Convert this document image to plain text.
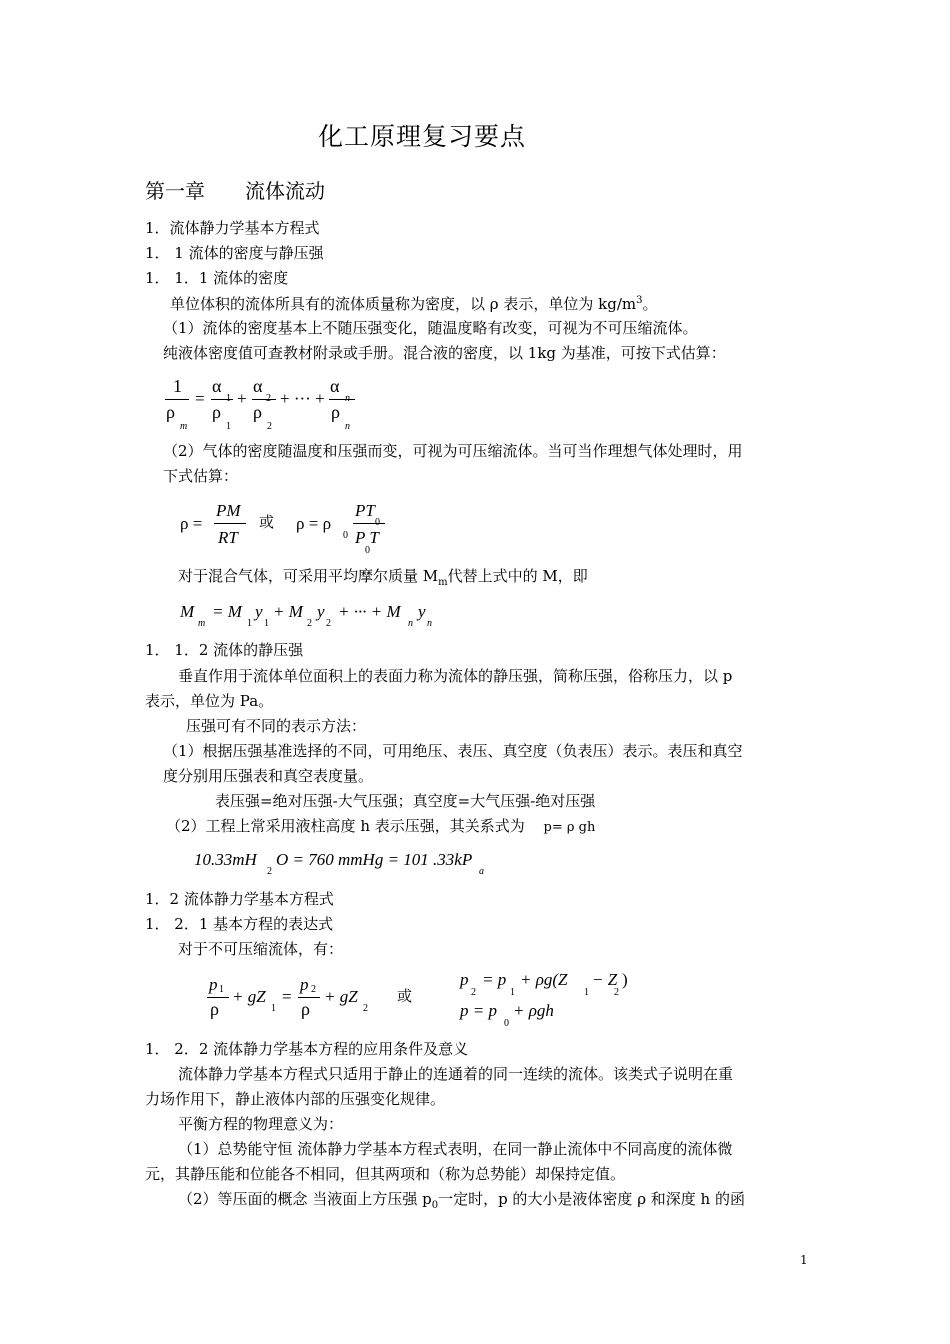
化工原理复习要点
第一章 流体流动
1．流体静力学基本方程式
1． 1 流体的密度与静压强
1． 1．1 流体的密度
单位体积的流体所具有的流体质量称为密度，以 ρ 表示，单位为 $kg/m^3$。
（1）流体的密度基本上不随压强变化，随温度略有改变，可视为不可压缩流体。
纯液体密度值可查教材附录或手册。混合液的密度，以 1kg 为基准，可按下式估算：
1
ρ
m
=
α
1
ρ
1
+
α
2
ρ
2
+ ··· +
α
n
ρ
n
（2）气体的密度随温度和压强而变，可视为可压缩流体。当可当作理想气体处理时，用
下式估算：
ρ =
PM
RT
或 ρ = ρ
0
PT
P T
0
对于混合气体，可采用平均摩尔质量 $M_m$代替上式中的 M，即
M
m
= M
1
y
1
+ M
2
y
2
+ ··· + M
n
y
n
1． 1．2 流体的静压强
垂直作用于流体单位面积上的表面力称为流体的静压强，简称压强，俗称压力，以 p
表示，单位为 Pa。
压强可有不同的表示方法：
（1）根据压强基准选择的不同，可用绝压、表压、真空度（负表压）表示。表压和真空
度分别用压强表和真空表度量。
表压强=绝对压强-大气压强；真空度=大气压强-绝对压强
（2）工程上常采用液柱高度 h 表示压强，其关系式为 p= ρ gh
10.33mH
2
O = 760 mmHg = 101 .33kP
a
1．2 流体静力学基本方程式
1． 2．1 基本方程的表达式
对于不可压缩流体，有：
p 1
ρ
+ gZ
1
=
p 2
ρ
+ gZ
2
或
p
2
= p
1
+ ρg(Z
1
− Z
2
)
p = p
0
+ ρgh
1． 2．2 流体静力学基本方程的应用条件及意义
流体静力学基本方程式只适用于静止的连通着的同一连续的流体。该类式子说明在重
力场作用下，静止液体内部的压强变化规律。
平衡方程的物理意义为：
（1）总势能守恒 流体静力学基本方程式表明，在同一静止流体中不同高度的流体微
元，其静压能和位能各不相同，但其两项和（称为总势能）却保持定值。
（2）等压面的概念 当液面上方压强 $p_0$一定时，p 的大小是液体密度 ρ 和深度 h 的函
1
